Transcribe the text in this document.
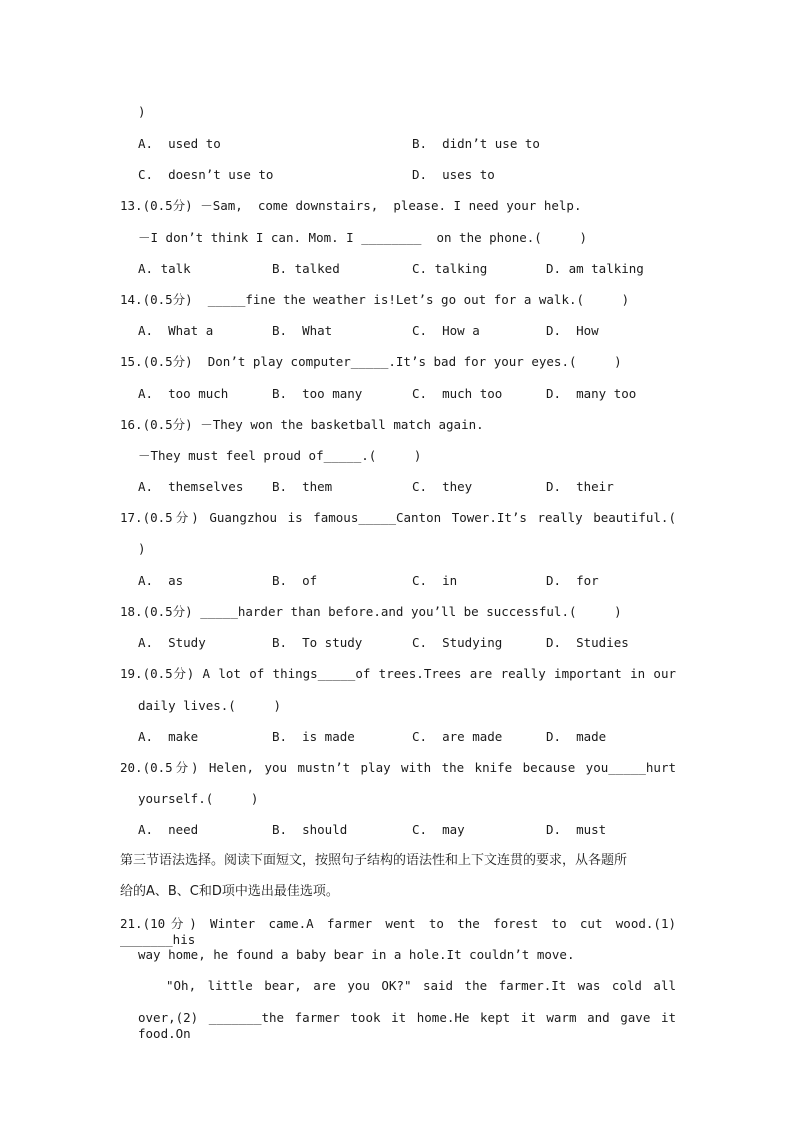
)
A.  used to	B.  didn’t use to
C.  doesn’t use to	D.  uses to
13.(0.5分) －Sam,  come downstairs,  please. I need your help.
－I don’t think I can. Mom. I ________  on the phone.(     )
A. talk	B. talked	C. talking	D. am talking
14.(0.5分)  _____fine the weather is!Let’s go out for a walk.(     )
A.  What a	B.  What	C.  How a	D.  How
15.(0.5分)  Don’t play computer_____.It’s bad for your eyes.(     )
A.  too much	B.  too many	C.  much too	D.  many too
16.(0.5分) －They won the basketball match again.
－They must feel proud of_____.(     )
A.  themselves B.  them	C.  they	D.  their
17.(0.5分) Guangzhou is famous_____Canton Tower.It’s really beautiful.(
)
A.  as	B.  of	C.  in	D.  for
18.(0.5分) _____harder than before.and you’ll be successful.(     )
A.  Study	B.  To study	C.  Studying	D.  Studies
19.(0.5分) A lot of things_____of trees.Trees are really important in our
daily lives.(     )
A.  make	B.  is made	C.  are made	D.  made
20.(0.5分) Helen, you mustn’t play with the knife because you_____hurt
yourself.(     )
A.  need	B.  should	C.  may	D.  must
第三节语法选择。阅读下面短文，按照句子结构的语法性和上下文连贯的要求，从各题所
给的A、B、C和D项中选出最佳选项。
21.(10分) Winter came.A farmer went to the forest to cut wood.(1) _______his
way home, he found a baby bear in a hole.It couldn’t move.
"Oh, little bear, are you OK?" said the farmer.It was cold all
over,(2) _______the farmer took it home.He kept it warm and gave it food.On
